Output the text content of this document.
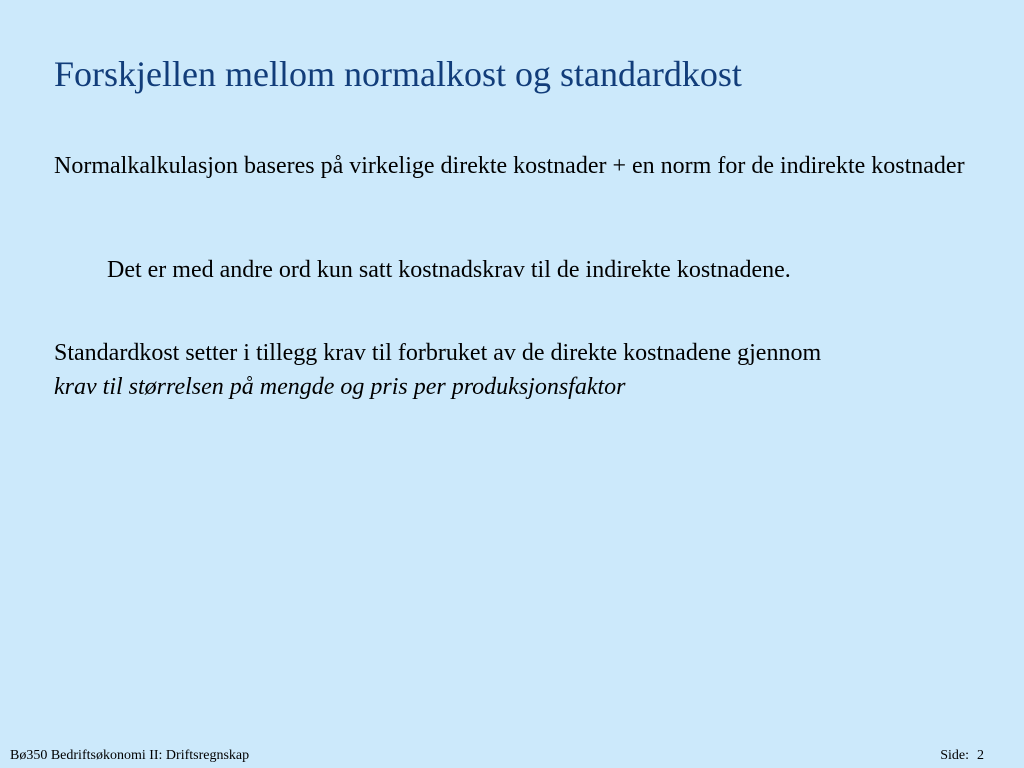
Forskjellen mellom normalkost og standardkost

Normalkalkulasjon baseres på virkelige direkte kostnader + en norm for de indirekte kostnader

Det er med andre ord kun satt kostnadskrav til de indirekte kostnadene.

Standardkost setter i tillegg krav til forbruket av de direkte kostnadene gjennom
krav til størrelsen på mengde og pris per produksjonsfaktor

Bø350 Bedriftsøkonomi II: Driftsregnskap	Side: 2
